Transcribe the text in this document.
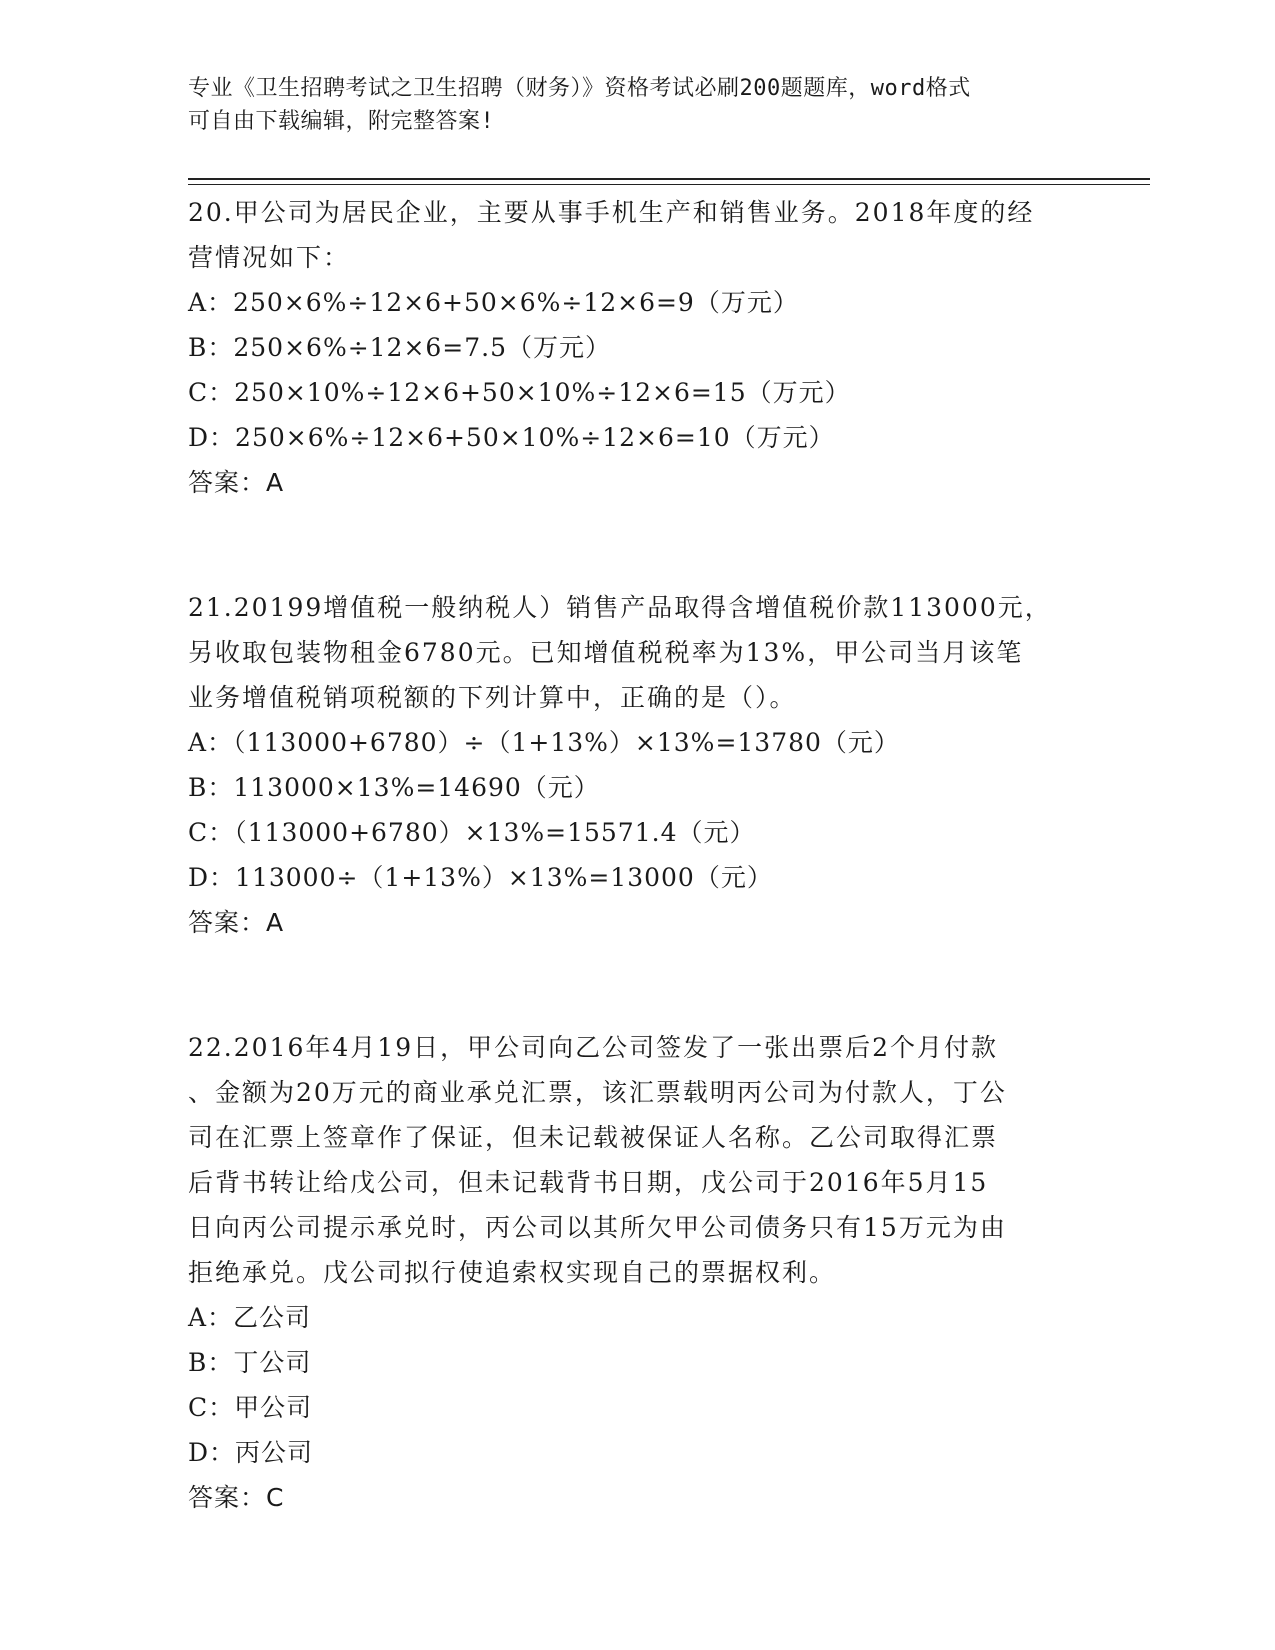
专业《卫生招聘考试之卫生招聘（财务）》资格考试必刷200题题库，word格式
可自由下载编辑，附完整答案!
20.甲公司为居民企业，主要从事手机生产和销售业务。2018年度的经
营情况如下：
A：250×6%÷12×6+50×6%÷12×6=9（万元）
B：250×6%÷12×6=7.5（万元）
C：250×10%÷12×6+50×10%÷12×6=15（万元）
D：250×6%÷12×6+50×10%÷12×6=10（万元）
答案：A
21.20199增值税一般纳税人）销售产品取得含增值税价款113000元，
另收取包装物租金6780元。已知增值税税率为13%，甲公司当月该笔
业务增值税销项税额的下列计算中，正确的是（）。
A：（113000+6780）÷（1+13%）×13%=13780（元）
B：113000×13%=14690（元）
C：（113000+6780）×13%=15571.4（元）
D：113000÷（1+13%）×13%=13000（元）
答案：A
22.2016年4月19日，甲公司向乙公司签发了一张出票后2个月付款
、金额为20万元的商业承兑汇票，该汇票载明丙公司为付款人，丁公
司在汇票上签章作了保证，但未记载被保证人名称。乙公司取得汇票
后背书转让给戊公司，但未记载背书日期，戊公司于2016年5月15
日向丙公司提示承兑时，丙公司以其所欠甲公司债务只有15万元为由
拒绝承兑。戊公司拟行使追索权实现自己的票据权利。
A：乙公司
B：丁公司
C：甲公司
D：丙公司
答案：C
